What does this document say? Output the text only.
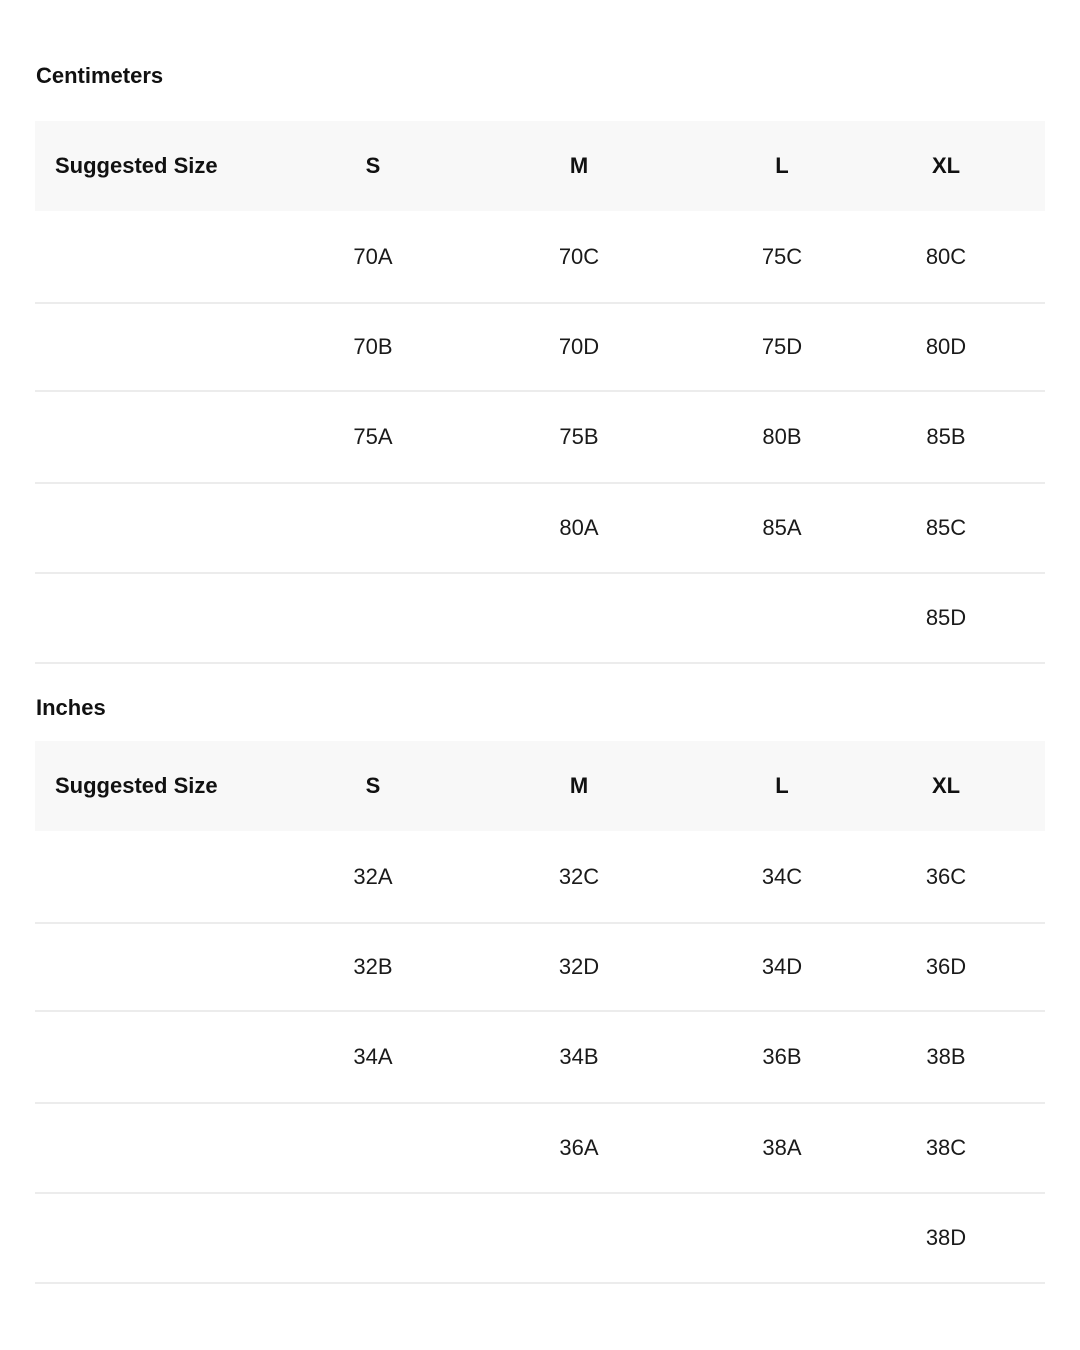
Centimeters
Suggested Size	S	M	L	XL
	70A	70C	75C	80C
	70B	70D	75D	80D
	75A	75B	80B	85B
		80A	85A	85C
				85D
Inches
Suggested Size	S	M	L	XL
	32A	32C	34C	36C
	32B	32D	34D	36D
	34A	34B	36B	38B
		36A	38A	38C
				38D
